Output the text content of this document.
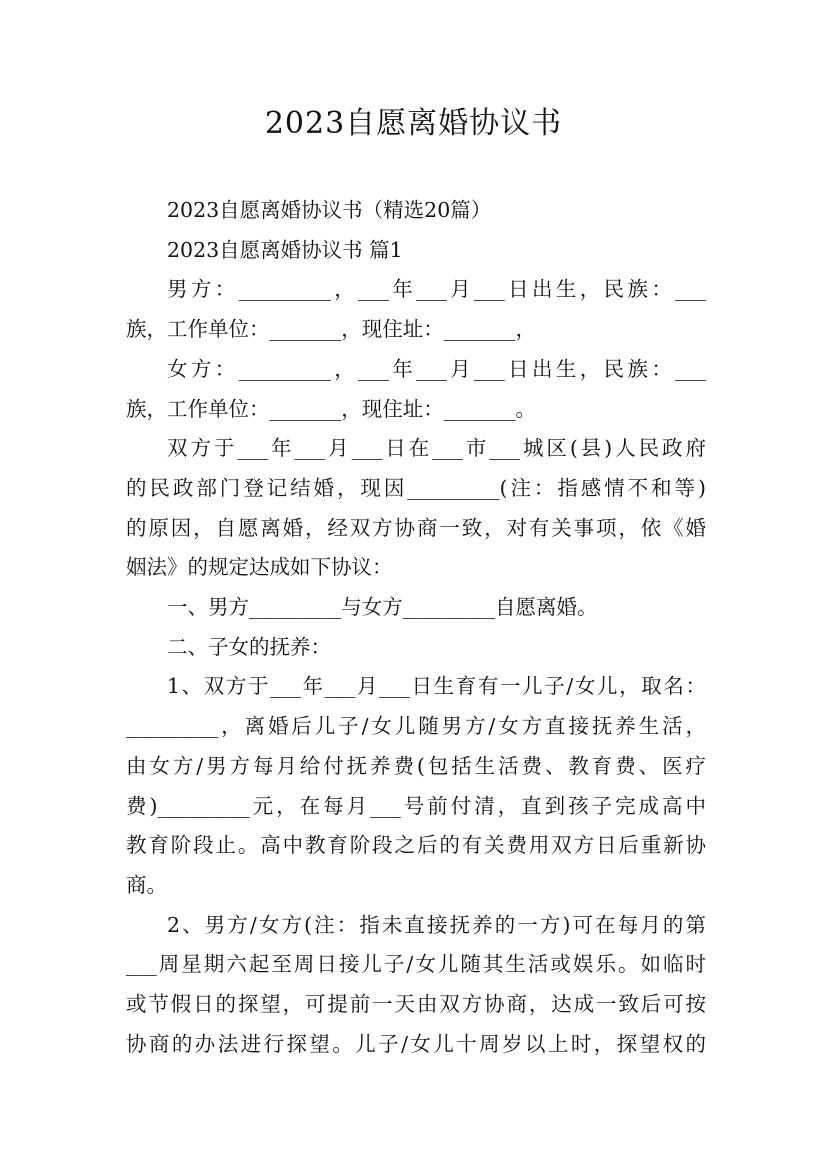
2023自愿离婚协议书

2023自愿离婚协议书（精选20篇）

2023自愿离婚协议书 篇1

男方：_________，___年___月___日出生，民族：___
族，工作单位：_______，现住址：_______，

女方：_________，___年___月___日出生，民族：___
族，工作单位：_______，现住址：_______。

双方于___年___月___日在___市___城区(县)人民政府
的民政部门登记结婚，现因_________(注：指感情不和等)
的原因，自愿离婚，经双方协商一致，对有关事项，依《婚
姻法》的规定达成如下协议：

一、男方_________与女方_________自愿离婚。

二、子女的抚养：

1、双方于___年___月___日生育有一儿子/女儿，取名：
_________，离婚后儿子/女儿随男方/女方直接抚养生活，
由女方/男方每月给付抚养费(包括生活费、教育费、医疗
费)_________元，在每月___号前付清，直到孩子完成高中
教育阶段止。高中教育阶段之后的有关费用双方日后重新协
商。

2、男方/女方(注：指未直接抚养的一方)可在每月的第
___周星期六起至周日接儿子/女儿随其生活或娱乐。如临时
或节假日的探望，可提前一天由双方协商，达成一致后可按
协商的办法进行探望。儿子/女儿十周岁以上时，探望权的
